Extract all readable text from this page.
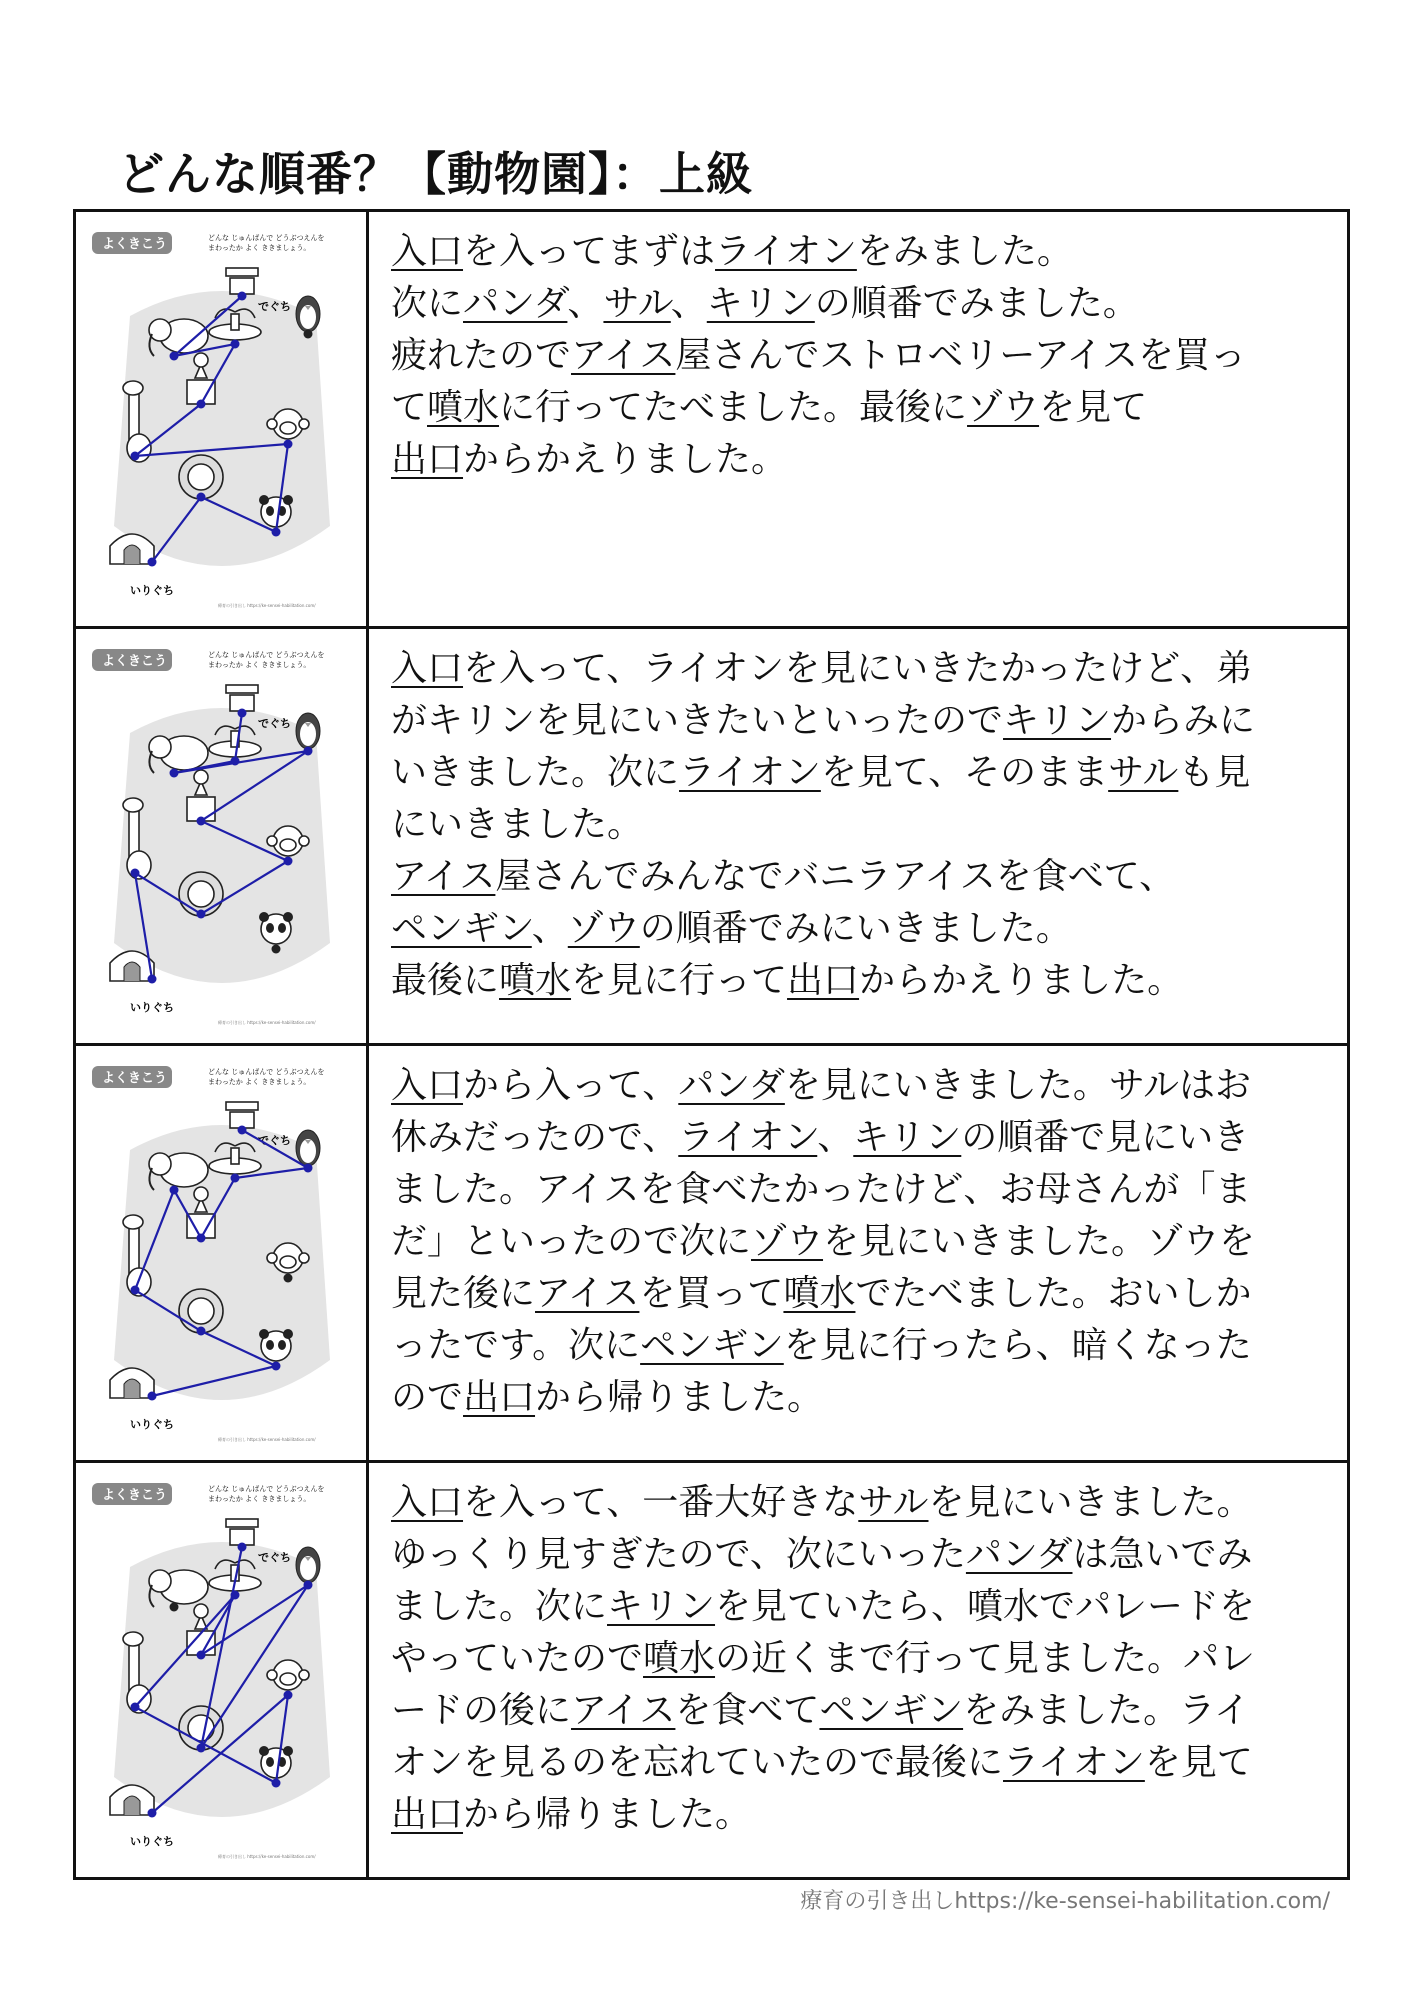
どんな順番？【動物園】：上級
よくきこう	どんな じゅんばんで どうぶつえんを
まわったか よく ききましょう。
でぐち
いりぐち
療育の引き出し https://ke-sensei-habilitation.com/

入口を入ってまずはライオンをみました。
次にパンダ、サル、キリンの順番でみました。
疲れたのでアイス屋さんでストロベリーアイスを買っ
て噴水に行ってたべました。最後にゾウを見て
出口からかえりました。

よくきこう	どんな じゅんばんで どうぶつえんを
まわったか よく ききましょう。
でぐち
いりぐち
療育の引き出し https://ke-sensei-habilitation.com/

入口を入って、ライオンを見にいきたかったけど、弟
がキリンを見にいきたいといったのでキリンからみに
いきました。次にライオンを見て、そのままサルも見
にいきました。
アイス屋さんでみんなでバニラアイスを食べて、
ペンギン、ゾウの順番でみにいきました。
最後に噴水を見に行って出口からかえりました。

よくきこう	どんな じゅんばんで どうぶつえんを
まわったか よく ききましょう。
でぐち
いりぐち
療育の引き出し https://ke-sensei-habilitation.com/

入口から入って、パンダを見にいきました。サルはお
休みだったので、ライオン、キリンの順番で見にいき
ました。アイスを食べたかったけど、お母さんが「ま
だ」といったので次にゾウを見にいきました。ゾウを
見た後にアイスを買って噴水でたべました。おいしか
ったです。次にペンギンを見に行ったら、暗くなった
ので出口から帰りました。

よくきこう	どんな じゅんばんで どうぶつえんを
まわったか よく ききましょう。
でぐち
いりぐち
療育の引き出し https://ke-sensei-habilitation.com/

入口を入って、一番大好きなサルを見にいきました。
ゆっくり見すぎたので、次にいったパンダは急いでみ
ました。次にキリンを見ていたら、噴水でパレードを
やっていたので噴水の近くまで行って見ました。パレ
ードの後にアイスを食べてペンギンをみました。ライ
オンを見るのを忘れていたので最後にライオンを見て
出口から帰りました。

療育の引き出しhttps://ke-sensei-habilitation.com/
